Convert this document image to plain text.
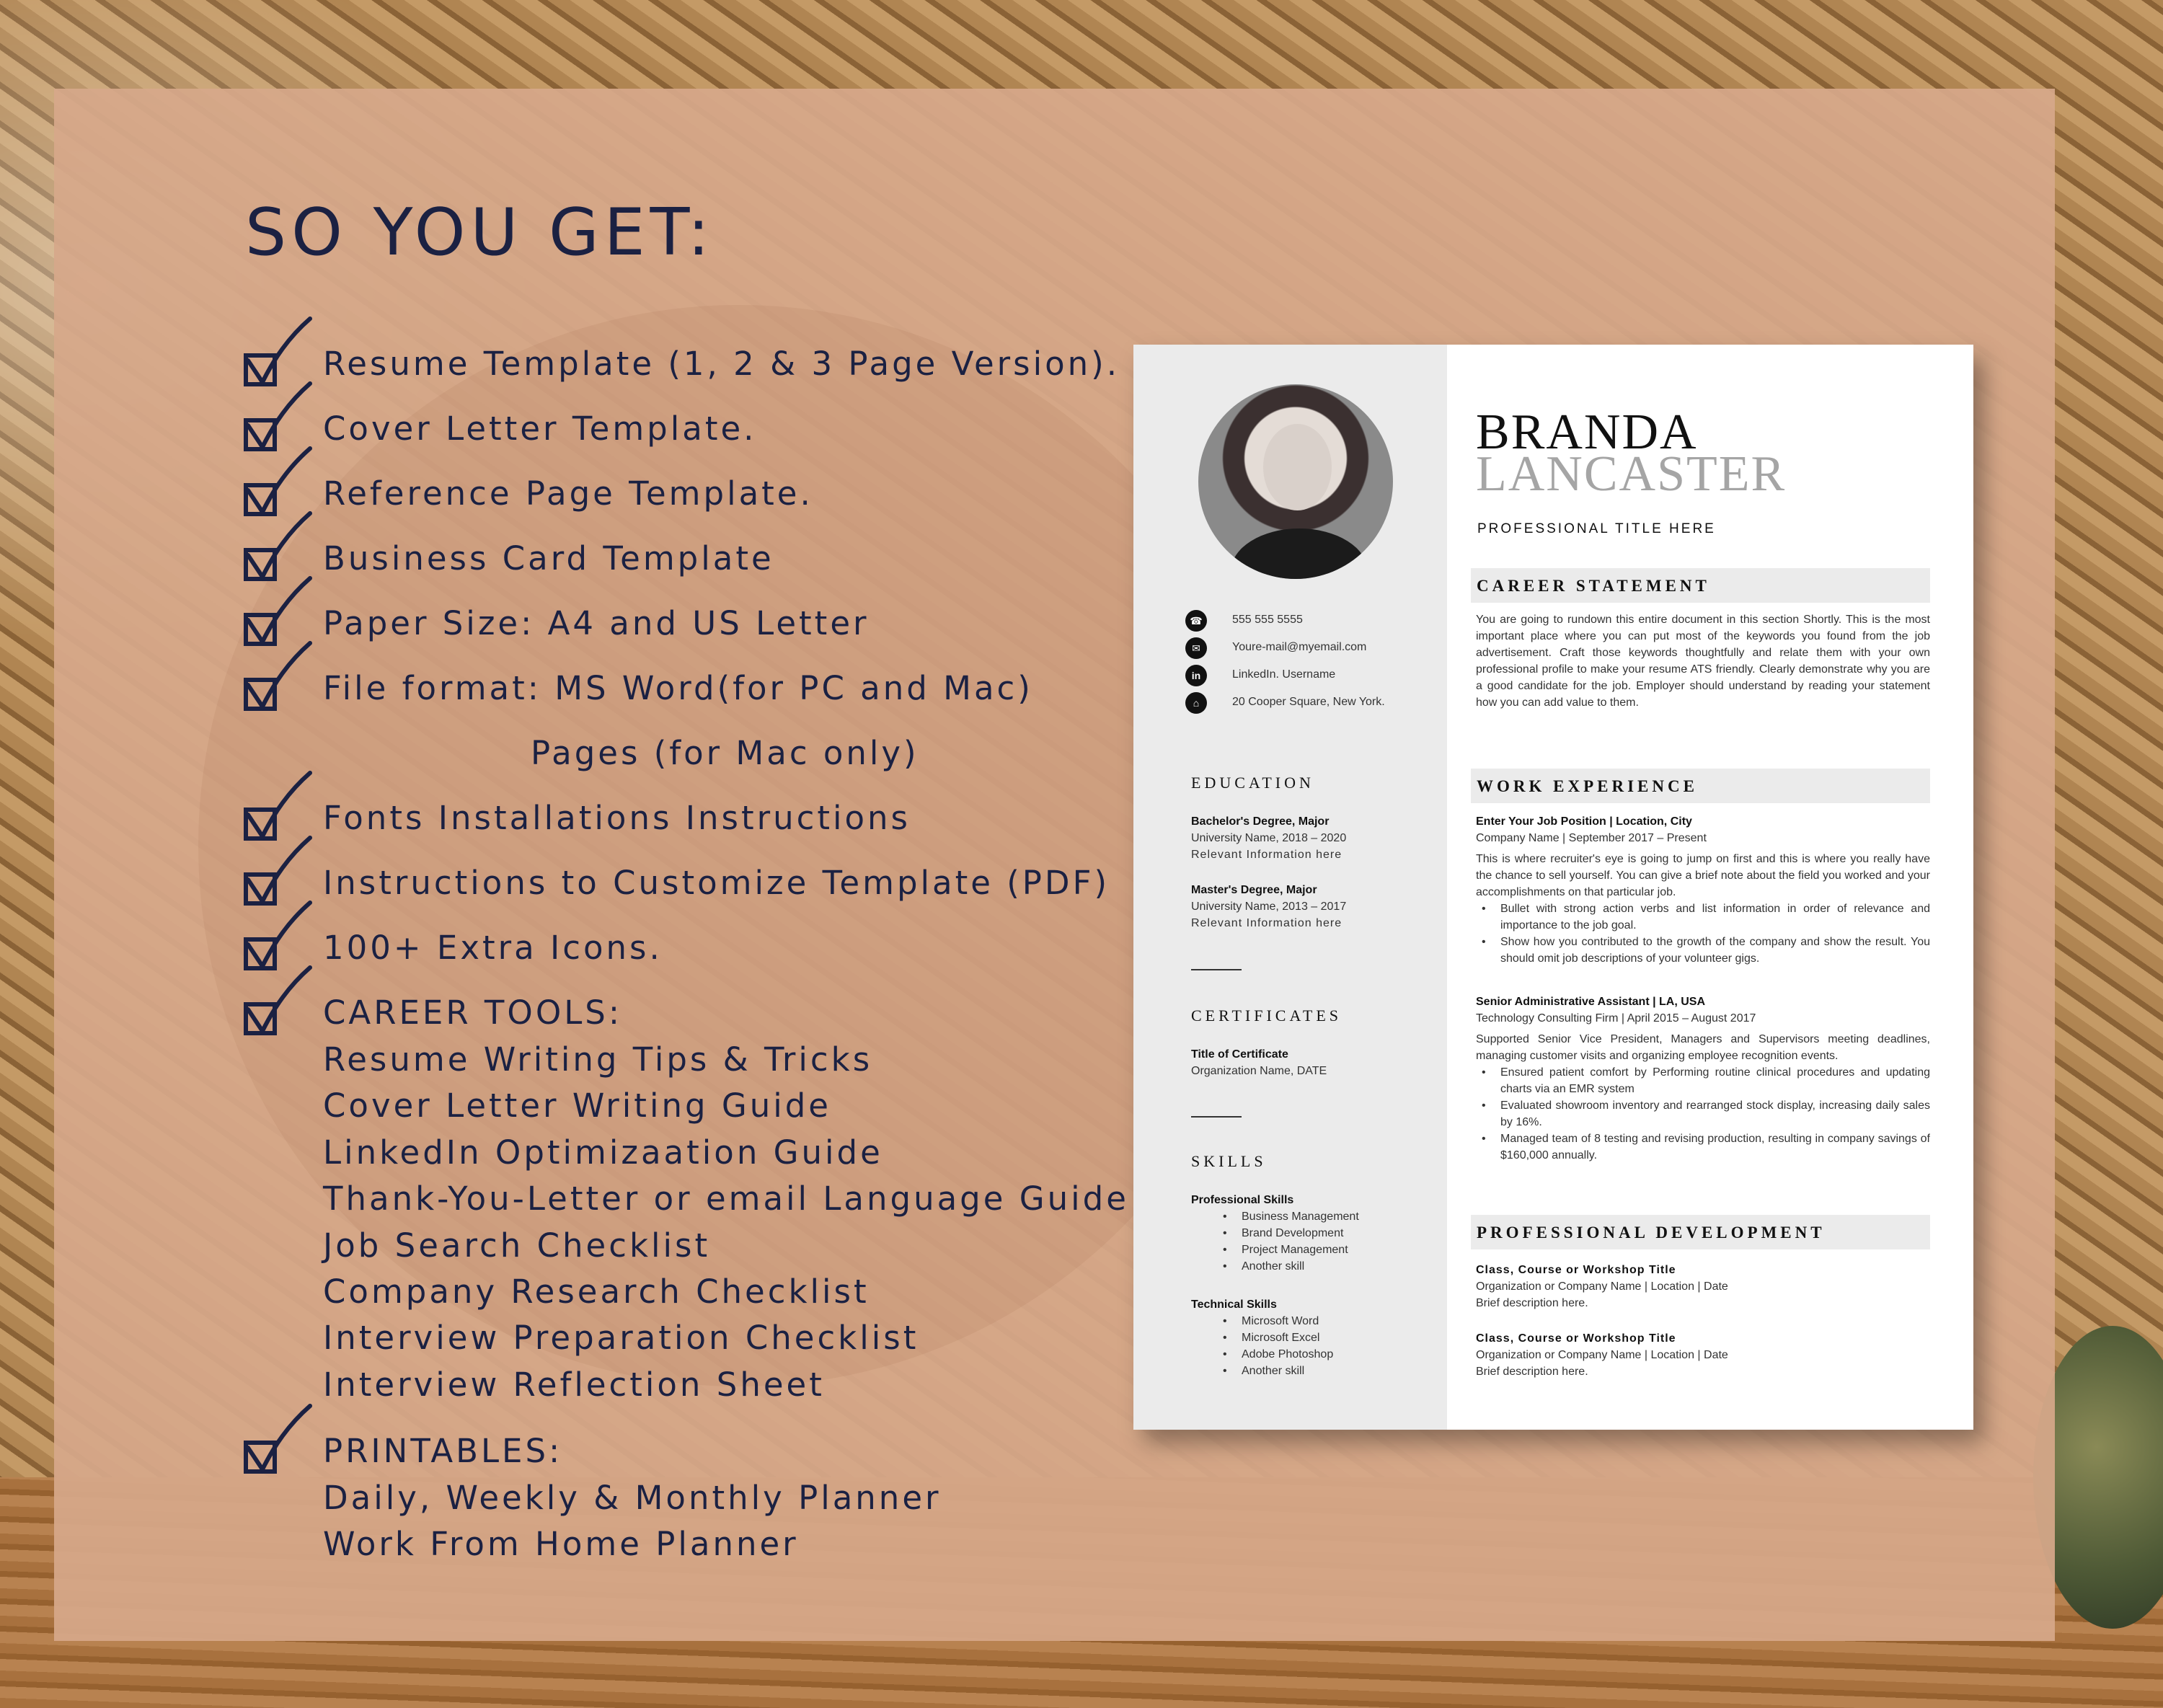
SO YOU GET:
Resume Template (1, 2 & 3 Page Version).
Cover Letter Template.
Reference Page Template.
Business Card Template
Paper Size: A4 and US Letter
File format: MS Word(for PC and Mac)
Pages (for Mac only)
Fonts Installations Instructions
Instructions to Customize Template (PDF)
100+ Extra Icons.
CAREER TOOLS:
Resume Writing Tips & Tricks
Cover Letter Writing Guide
LinkedIn Optimizaation Guide
Thank-You-Letter or email Language Guide
Job Search Checklist
Company Research Checklist
Interview Preparation Checklist
Interview Reflection Sheet
PRINTABLES:
Daily, Weekly & Monthly Planner
Work From Home Planner
☎	555 555 5555
✉	Youre-mail@myemail.com
in	LinkedIn. Username
⌂	20 Cooper Square, New York.
EDUCATION
Bachelor's Degree, Major
University Name, 2018 – 2020
Relevant Information here
Master's Degree, Major
University Name, 2013 – 2017
Relevant Information here
CERTIFICATES
Title of Certificate
Organization Name, DATE
SKILLS
Professional Skills
• Business Management
• Brand Development
• Project Management
• Another skill
Technical Skills
• Microsoft Word
• Microsoft Excel
• Adobe Photoshop
• Another skill
BRANDA
LANCASTER
PROFESSIONAL TITLE HERE
CAREER STATEMENT
You are going to rundown this entire document in this section Shortly. This is the most important place where you can put most of the keywords you found from the job advertisement. Craft those keywords thoughtfully and relate them with your own professional profile to make your resume ATS friendly. Clearly demonstrate why you are a good candidate for the job. Employer should understand by reading your statement how you can add value to them.
WORK EXPERIENCE
Enter Your Job Position | Location, City
Company Name | September 2017 – Present
This is where recruiter's eye is going to jump on first and this is where you really have the chance to sell yourself. You can give a brief note about the field you worked and your accomplishments on that particular job.
• Bullet with strong action verbs and list information in order of relevance and importance to the job goal.
• Show how you contributed to the growth of the company and show the result. You should omit job descriptions of your volunteer gigs.
Senior Administrative Assistant | LA, USA
Technology Consulting Firm | April 2015 – August 2017
Supported Senior Vice President, Managers and Supervisors meeting deadlines, managing customer visits and organizing employee recognition events.
• Ensured patient comfort by Performing routine clinical procedures and updating charts via an EMR system
• Evaluated showroom inventory and rearranged stock display, increasing daily sales by 16%.
• Managed team of 8 testing and revising production, resulting in company savings of $160,000 annually.
PROFESSIONAL DEVELOPMENT
Class, Course or Workshop Title
Organization or Company Name | Location | Date
Brief description here.
Class, Course or Workshop Title
Organization or Company Name | Location | Date
Brief description here.
